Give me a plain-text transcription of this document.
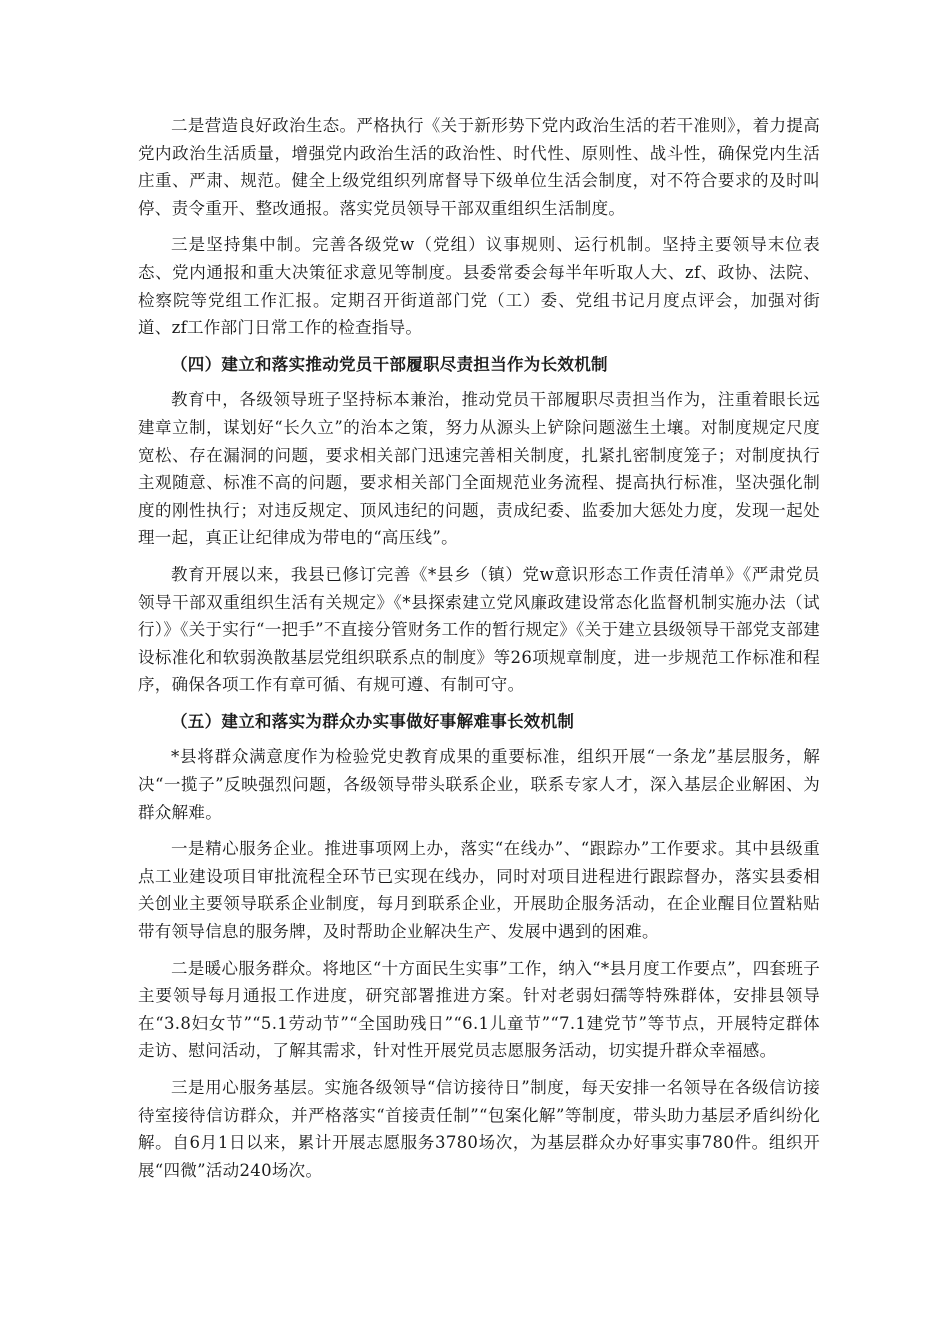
二是营造良好政治生态。严格执行《关于新形势下党内政治生活的若干准则》，着力提高党内政治生活质量，增强党内政治生活的政治性、时代性、原则性、战斗性，确保党内生活庄重、严肃、规范。健全上级党组织列席督导下级单位生活会制度，对不符合要求的及时叫停、责令重开、整改通报。落实党员领导干部双重组织生活制度。

三是坚持集中制。完善各级党w（党组）议事规则、运行机制。坚持主要领导末位表态、党内通报和重大决策征求意见等制度。县委常委会每半年听取人大、zf、政协、法院、检察院等党组工作汇报。定期召开街道部门党（工）委、党组书记月度点评会，加强对街道、zf工作部门日常工作的检查指导。

（四）建立和落实推动党员干部履职尽责担当作为长效机制

教育中，各级领导班子坚持标本兼治，推动党员干部履职尽责担当作为，注重着眼长远建章立制，谋划好“长久立”的治本之策，努力从源头上铲除问题滋生土壤。对制度规定尺度宽松、存在漏洞的问题，要求相关部门迅速完善相关制度，扎紧扎密制度笼子；对制度执行主观随意、标准不高的问题，要求相关部门全面规范业务流程、提高执行标准，坚决强化制度的刚性执行；对违反规定、顶风违纪的问题，责成纪委、监委加大惩处力度，发现一起处理一起，真正让纪律成为带电的“高压线”。

教育开展以来，我县已修订完善《*县乡（镇）党w意识形态工作责任清单》《严肃党员领导干部双重组织生活有关规定》《*县探索建立党风廉政建设常态化监督机制实施办法（试行）》《关于实行“一把手”不直接分管财务工作的暂行规定》《关于建立县级领导干部党支部建设标准化和软弱涣散基层党组织联系点的制度》等26项规章制度，进一步规范工作标准和程序，确保各项工作有章可循、有规可遵、有制可守。

（五）建立和落实为群众办实事做好事解难事长效机制

*县将群众满意度作为检验党史教育成果的重要标准，组织开展“一条龙”基层服务，解决“一揽子”反映强烈问题，各级领导带头联系企业，联系专家人才，深入基层企业解困、为群众解难。

一是精心服务企业。推进事项网上办，落实“在线办”、“跟踪办”工作要求。其中县级重点工业建设项目审批流程全环节已实现在线办，同时对项目进程进行跟踪督办，落实县委相关创业主要领导联系企业制度，每月到联系企业，开展助企服务活动，在企业醒目位置粘贴带有领导信息的服务牌，及时帮助企业解决生产、发展中遇到的困难。

二是暖心服务群众。将地区“十方面民生实事”工作，纳入“*县月度工作要点”，四套班子主要领导每月通报工作进度，研究部署推进方案。针对老弱妇孺等特殊群体，安排县领导在“3.8妇女节”“5.1劳动节”“全国助残日”“6.1儿童节”“7.1建党节”等节点，开展特定群体走访、慰问活动，了解其需求，针对性开展党员志愿服务活动，切实提升群众幸福感。

三是用心服务基层。实施各级领导“信访接待日”制度，每天安排一名领导在各级信访接待室接待信访群众，并严格落实“首接责任制”“包案化解”等制度，带头助力基层矛盾纠纷化解。自6月1日以来，累计开展志愿服务3780场次，为基层群众办好事实事780件。组织开展“四微”活动240场次。
